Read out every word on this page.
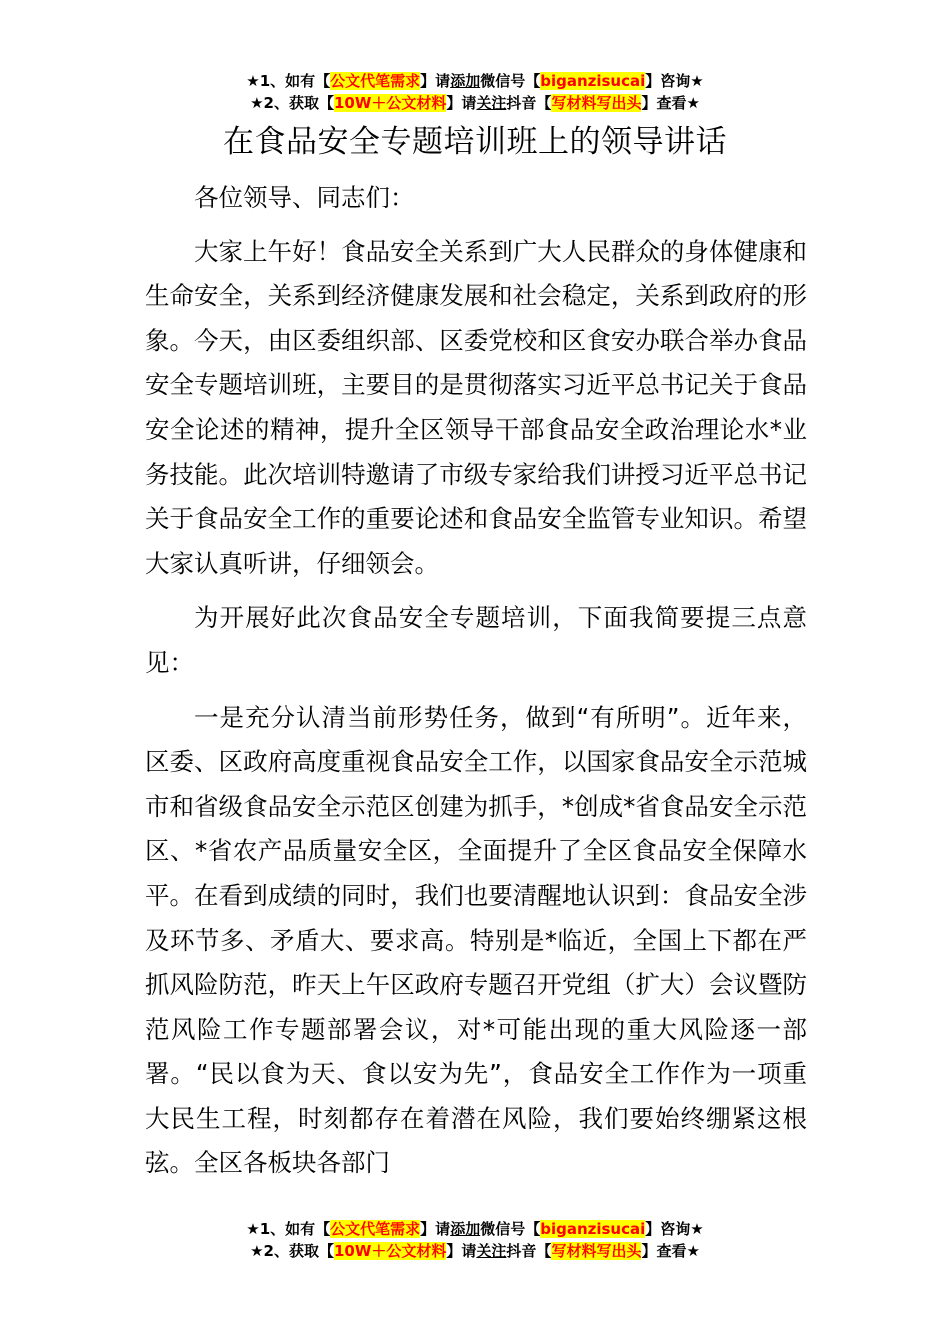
★1、如有【公文代笔需求】请添加微信号【biganzisucai】咨询★
★2、获取【10W＋公文材料】请关注抖音【写材料写出头】查看★
在食品安全专题培训班上的领导讲话

各位领导、同志们：

大家上午好！食品安全关系到广大人民群众的身体健康和生命安全，关系到经济健康发展和社会稳定，关系到政府的形象。今天，由区委组织部、区委党校和区食安办联合举办食品安全专题培训班，主要目的是贯彻落实习近平总书记关于食品安全论述的精神，提升全区领导干部食品安全政治理论水*业务技能。此次培训特邀请了市级专家给我们讲授习近平总书记关于食品安全工作的重要论述和食品安全监管专业知识。希望大家认真听讲，仔细领会。

为开展好此次食品安全专题培训，下面我简要提三点意见：

一是充分认清当前形势任务，做到“有所明”。近年来，区委、区政府高度重视食品安全工作，以国家食品安全示范城市和省级食品安全示范区创建为抓手，*创成*省食品安全示范区、*省农产品质量安全区，全面提升了全区食品安全保障水平。在看到成绩的同时，我们也要清醒地认识到：食品安全涉及环节多、矛盾大、要求高。特别是*临近，全国上下都在严抓风险防范，昨天上午区政府专题召开党组（扩大）会议暨防范风险工作专题部署会议，对*可能出现的重大风险逐一部署。“民以食为天、食以安为先”，食品安全工作作为一项重大民生工程，时刻都存在着潜在风险，我们要始终绷紧这根弦。全区各板块各部门

★1、如有【公文代笔需求】请添加微信号【biganzisucai】咨询★
★2、获取【10W＋公文材料】请关注抖音【写材料写出头】查看★
